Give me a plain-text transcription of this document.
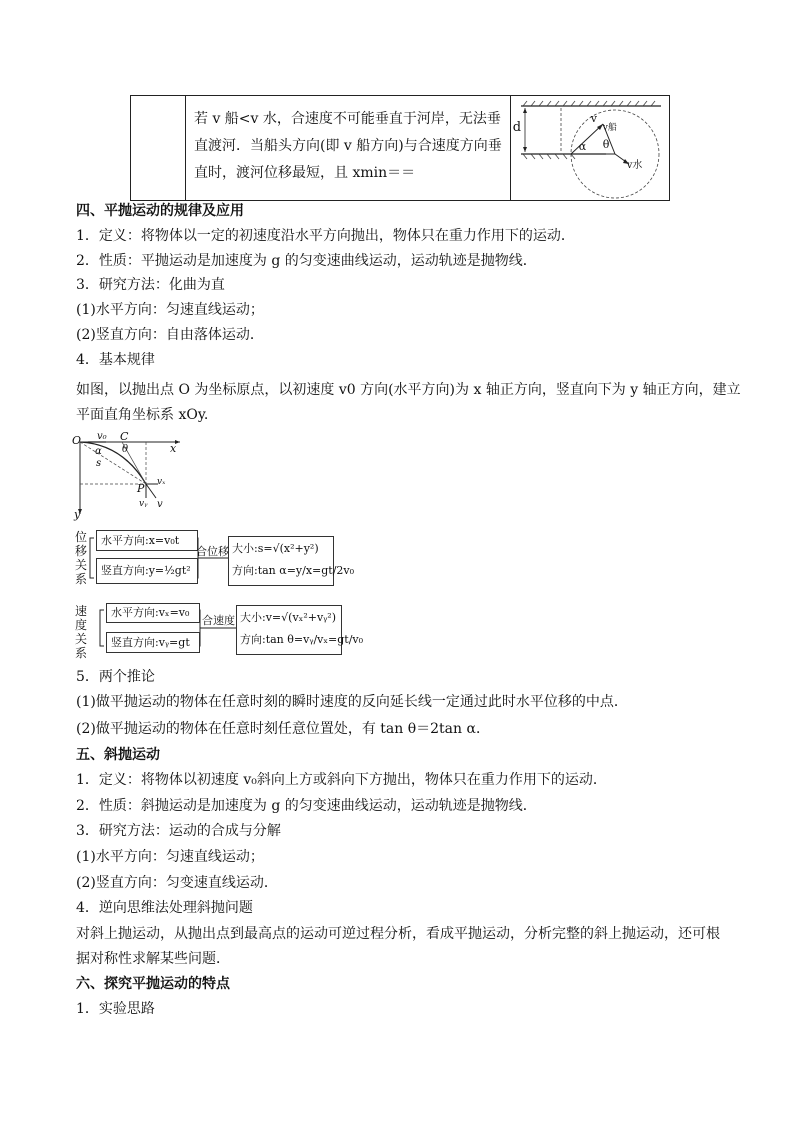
若 v 船<v 水，合速度不可能垂直于河岸，无法垂
直渡河．当船头方向(即 v 船方向)与合速度方向垂
直时，渡河位移最短，且 xmin＝＝

d
v
v船
α θ
v水
四、平抛运动的规律及应用
1．定义：将物体以一定的初速度沿水平方向抛出，物体只在重力作用下的运动．
2．性质：平抛运动是加速度为 g 的匀变速曲线运动，运动轨迹是抛物线．
3．研究方法：化曲为直
(1)水平方向：匀速直线运动；
(2)竖直方向：自由落体运动．
4．基本规律
如图，以抛出点 O 为坐标原点，以初速度 v0 方向(水平方向)为 x 轴正方向，竖直向下为 y 轴正方向，建立
平面直角坐标系 xOy.
O v₀ C
x
α θ
s
P vₓ
vᵧ v
y
位
移
关
系
水平方向:x=v₀t
竖直方向:y=½gt²
合位移 大小:s=√(x²+y²)
方向:tan α=y/x=gt/2v₀
速
度
关
系
水平方向:vₓ=v₀
竖直方向:vᵧ=gt
合速度 大小:v=√(vₓ²+vᵧ²)
方向:tan θ=vᵧ/vₓ=gt/v₀
5．两个推论
(1)做平抛运动的物体在任意时刻的瞬时速度的反向延长线一定通过此时水平位移的中点．
(2)做平抛运动的物体在任意时刻任意位置处，有 tan θ＝2tan α．
五、斜抛运动
1．定义：将物体以初速度 v₀斜向上方或斜向下方抛出，物体只在重力作用下的运动．
2．性质：斜抛运动是加速度为 g 的匀变速曲线运动，运动轨迹是抛物线．
3．研究方法：运动的合成与分解
(1)水平方向：匀速直线运动；
(2)竖直方向：匀变速直线运动．
4．逆向思维法处理斜抛问题
对斜上抛运动，从抛出点到最高点的运动可逆过程分析，看成平抛运动，分析完整的斜上抛运动，还可根
据对称性求解某些问题．
六、探究平抛运动的特点
1．实验思路
